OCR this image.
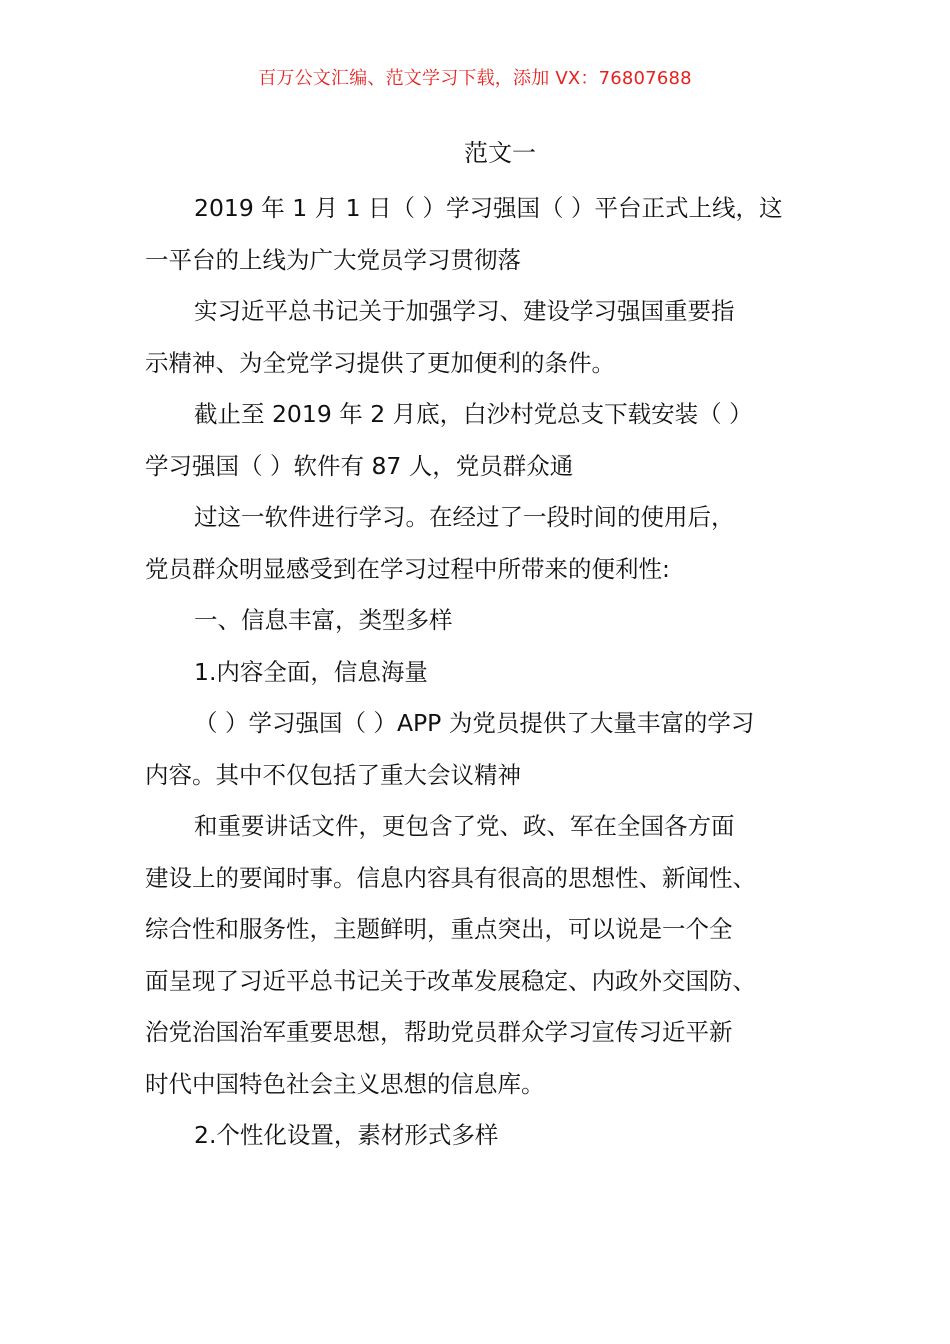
百万公文汇编、范文学习下载，添加 VX：76807688
范文一
2019 年 1 月 1 日（ ）学习强国（ ）平台正式上线，这
一平台的上线为广大党员学习贯彻落
实习近平总书记关于加强学习、建设学习强国重要指
示精神、为全党学习提供了更加便利的条件。
截止至 2019 年 2 月底，白沙村党总支下载安装（ ）
学习强国（ ）软件有 87 人，党员群众通
过这一软件进行学习。在经过了一段时间的使用后，
党员群众明显感受到在学习过程中所带来的便利性:
一、信息丰富，类型多样
1.内容全面，信息海量
（ ）学习强国（ ）APP 为党员提供了大量丰富的学习
内容。其中不仅包括了重大会议精神
和重要讲话文件，更包含了党、政、军在全国各方面
建设上的要闻时事。信息内容具有很高的思想性、新闻性、
综合性和服务性，主题鲜明，重点突出，可以说是一个全
面呈现了习近平总书记关于改革发展稳定、内政外交国防、
治党治国治军重要思想，帮助党员群众学习宣传习近平新
时代中国特色社会主义思想的信息库。
2.个性化设置，素材形式多样
